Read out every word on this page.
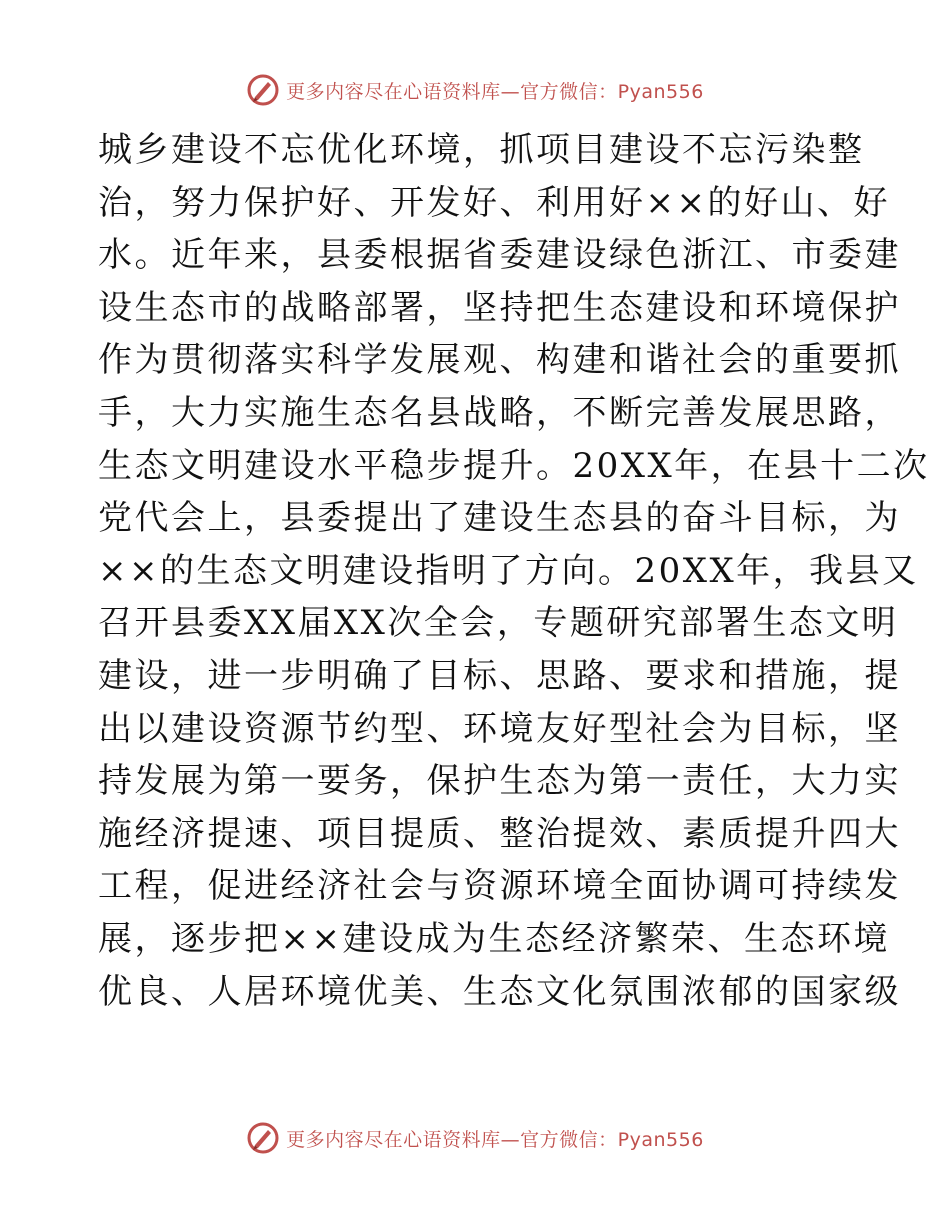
更多内容尽在心语资料库—官方微信：Pyan556
城乡建设不忘优化环境，抓项目建设不忘污染整
治，努力保护好、开发好、利用好××的好山、好
水。近年来，县委根据省委建设绿色浙江、市委建
设生态市的战略部署，坚持把生态建设和环境保护
作为贯彻落实科学发展观、构建和谐社会的重要抓
手，大力实施生态名县战略，不断完善发展思路，
生态文明建设水平稳步提升。20XX年，在县十二次
党代会上，县委提出了建设生态县的奋斗目标，为
××的生态文明建设指明了方向。20XX年，我县又
召开县委XX届XX次全会，专题研究部署生态文明
建设，进一步明确了目标、思路、要求和措施，提
出以建设资源节约型、环境友好型社会为目标，坚
持发展为第一要务，保护生态为第一责任，大力实
施经济提速、项目提质、整治提效、素质提升四大
工程，促进经济社会与资源环境全面协调可持续发
展，逐步把××建设成为生态经济繁荣、生态环境
优良、人居环境优美、生态文化氛围浓郁的国家级
更多内容尽在心语资料库—官方微信：Pyan556
